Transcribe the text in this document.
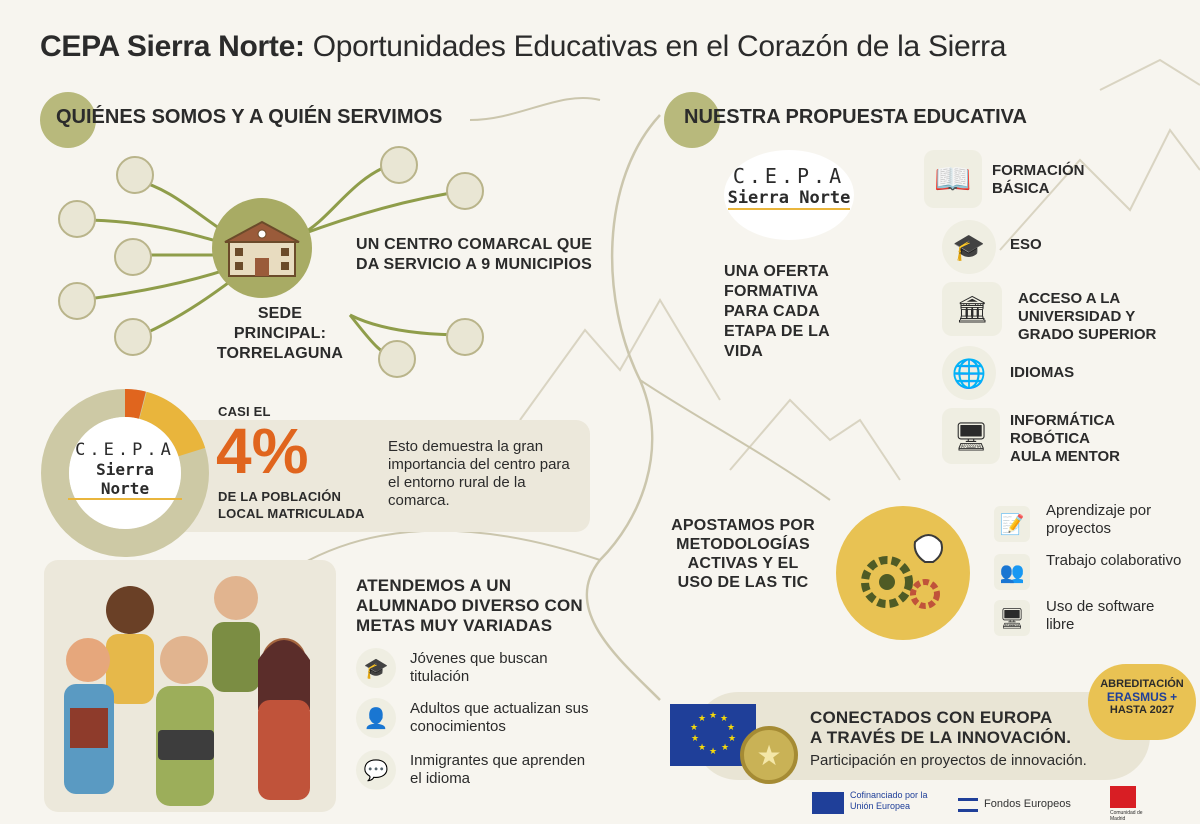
CEPA Sierra Norte: Oportunidades Educativas en el Corazón de la Sierra
QUIÉNES SOMOS Y A QUIÉN SERVIMOS
UN CENTRO COMARCAL QUE DA SERVICIO A 9 MUNICIPIOS
SEDE PRINCIPAL: TORRELAGUNA
C.E.P.A
Sierra Norte
CASI EL
4%
DE LA POBLACIÓN LOCAL MATRICULADA
Esto demuestra la gran importancia del centro para el entorno rural de la comarca.
ATENDEMOS A UN ALUMNADO DIVERSO CON METAS MUY VARIADAS
🎓	Jóvenes que buscan titulación
👤	Adultos que actualizan sus conocimientos
💬	Inmigrantes que aprenden el idioma
NUESTRA PROPUESTA EDUCATIVA
C.E.P.A
Sierra Norte
UNA OFERTA FORMATIVA PARA CADA ETAPA DE LA VIDA
📖	FORMACIÓN BÁSICA
🎓	ESO
🏛	ACCESO A LA UNIVERSIDAD Y GRADO SUPERIOR
🌐	IDIOMAS
🖥	INFORMÁTICA ROBÓTICA AULA MENTOR
APOSTAMOS POR METODOLOGÍAS ACTIVAS Y EL USO DE LAS TIC
📝
Aprendizaje por proyectos
👥
Trabajo colaborativo
🖥
Uso de software libre
★ ★
★
★
★
★
★
★
★
★
★
CONECTADOS CON EUROPA
A TRAVÉS DE LA INNOVACIÓN.
Participación en proyectos de innovación.
ABREDITACIÓN
ERASMUS +
HASTA 2027
Cofinanciado por la Unión Europea	Fondos Europeos
Comunidad de Madrid
